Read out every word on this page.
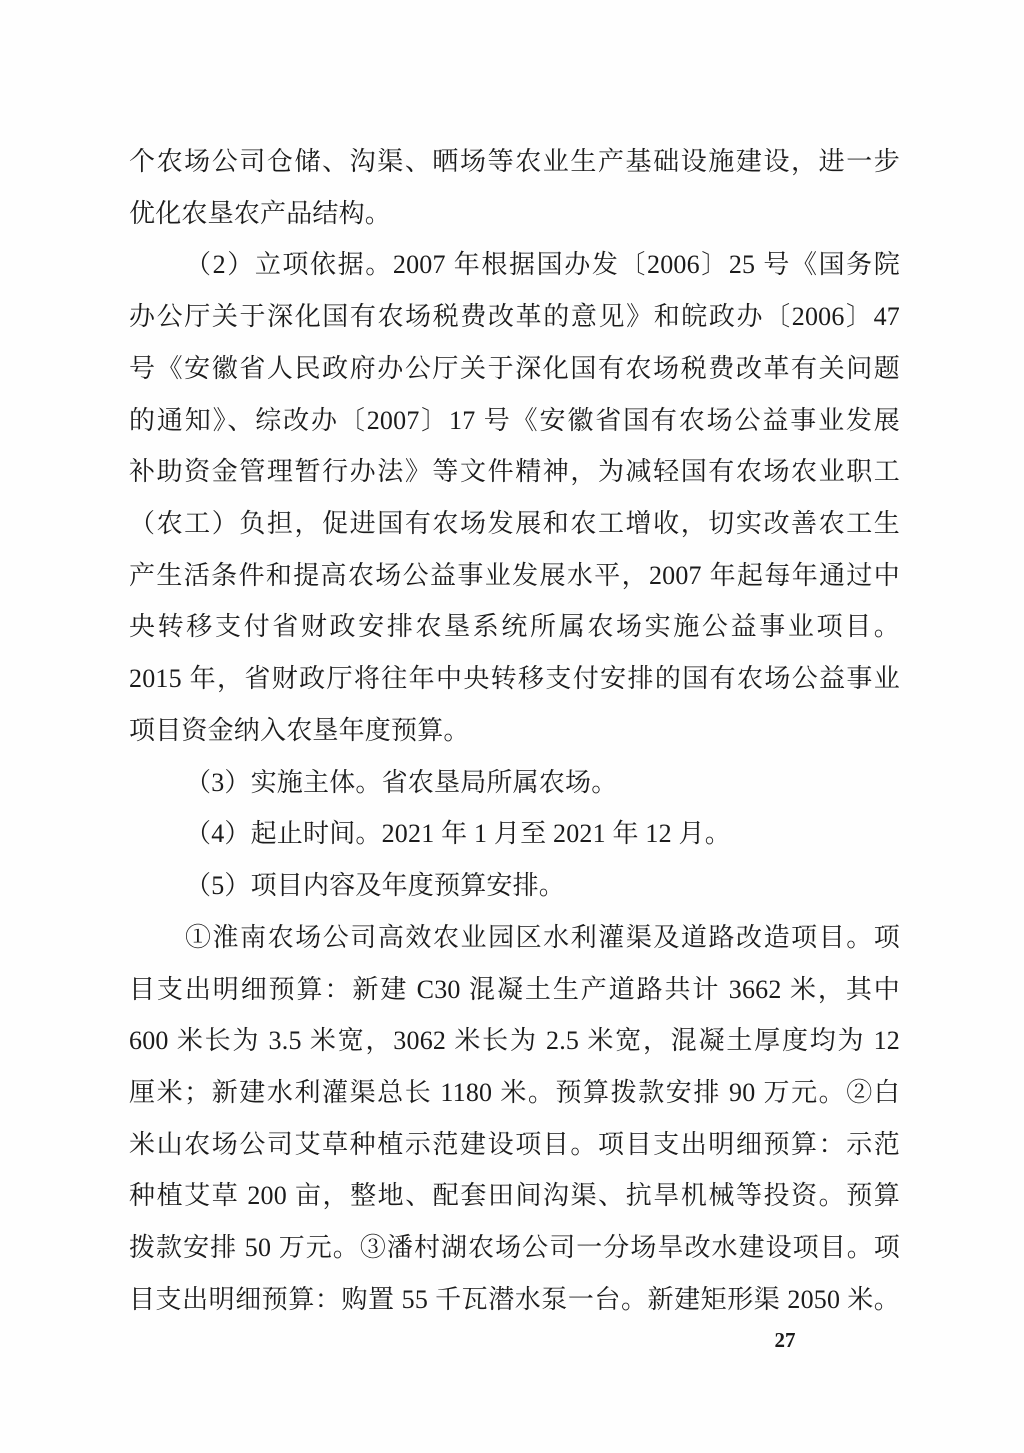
个农场公司仓储、沟渠、晒场等农业生产基础设施建设，进一步
优化农垦农产品结构。
（2）立项依据。2007 年根据国办发〔2006〕25 号《国务院
办公厅关于深化国有农场税费改革的意见》和皖政办〔2006〕47
号《安徽省人民政府办公厅关于深化国有农场税费改革有关问题
的通知》、综改办〔2007〕17 号《安徽省国有农场公益事业发展
补助资金管理暂行办法》等文件精神，为减轻国有农场农业职工
（农工）负担，促进国有农场发展和农工增收，切实改善农工生
产生活条件和提高农场公益事业发展水平，2007 年起每年通过中
央转移支付省财政安排农垦系统所属农场实施公益事业项目。
2015 年，省财政厅将往年中央转移支付安排的国有农场公益事业
项目资金纳入农垦年度预算。
（3）实施主体。省农垦局所属农场。
（4）起止时间。2021 年 1 月至 2021 年 12 月。
（5）项目内容及年度预算安排。
①淮南农场公司高效农业园区水利灌渠及道路改造项目。项
目支出明细预算：新建 C30 混凝土生产道路共计 3662 米，其中
600 米长为 3.5 米宽，3062 米长为 2.5 米宽，混凝土厚度均为 12
厘米；新建水利灌渠总长 1180 米。预算拨款安排 90 万元。②白
米山农场公司艾草种植示范建设项目。项目支出明细预算：示范
种植艾草 200 亩，整地、配套田间沟渠、抗旱机械等投资。预算
拨款安排 50 万元。③潘村湖农场公司一分场旱改水建设项目。项
目支出明细预算：购置 55 千瓦潜水泵一台。新建矩形渠 2050 米。
27
